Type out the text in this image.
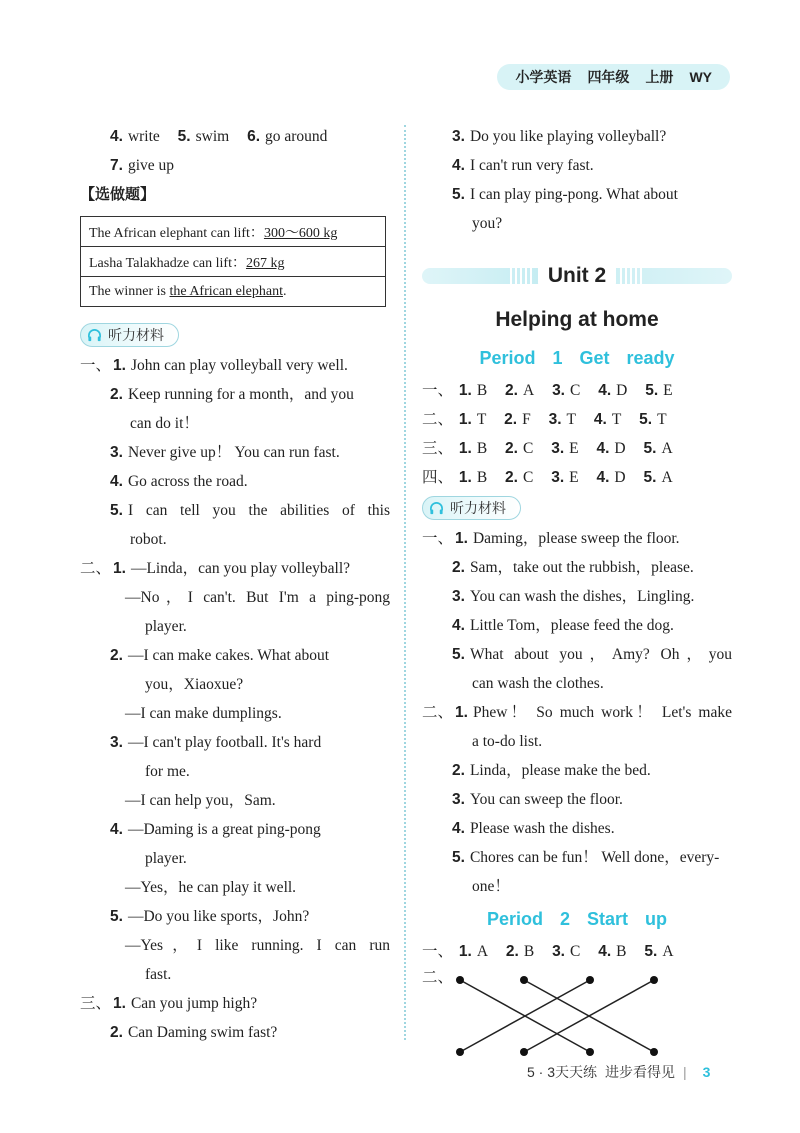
小学英语 四年级 上册 WY
4. write 5. swim 6. go around
7. give up
【选做题】
The African elephant can lift：300～600 kg
Lasha Talakhadze can lift：267 kg
The winner is the African elephant.
听力材料
一、 1. John can play volleyball very well.
2. Keep running for a month，and you
can do it！
3. Never give up！ You can run fast.
4. Go across the road.
5. I can tell you the abilities of this
robot.
二、 1. —Linda，can you play volleyball?
—No，I can't. But I'm a ping-pong
player.
2. —I can make cakes. What about
you，Xiaoxue?
—I can make dumplings.
3. —I can't play football. It's hard
for me.
—I can help you，Sam.
4. —Daming is a great ping-pong
player.
—Yes，he can play it well.
5. —Do you like sports，John?
—Yes，I like running. I can run
fast.
三、 1. Can you jump high?
2. Can Daming swim fast?
3. Do you like playing volleyball?
4. I can't run very fast.
5. I can play ping-pong. What about
you?
Unit 2
Helping at home
Period 1 Get ready
一、 1. B 2. A 3. C 4. D 5. E
二、 1. T 2. F 3. T 4. T 5. T
三、 1. B 2. C 3. E 4. D 5. A
四、 1. B 2. C 3. E 4. D 5. A
听力材料
一、 1. Daming，please sweep the floor.
2. Sam，take out the rubbish，please.
3. You can wash the dishes，Lingling.
4. Little Tom，please feed the dog.
5. What about you，Amy? Oh，you
can wash the clothes.
二、 1. Phew！ So much work！ Let's make
a to-do list.
2. Linda，please make the bed.
3. You can sweep the floor.
4. Please wash the dishes.
5. Chores can be fun！ Well done，every-
one！
Period 2 Start up
一、 1. A 2. B 3. C 4. B 5. A
二、
5 · 3天天练 进步看得见 | 3
